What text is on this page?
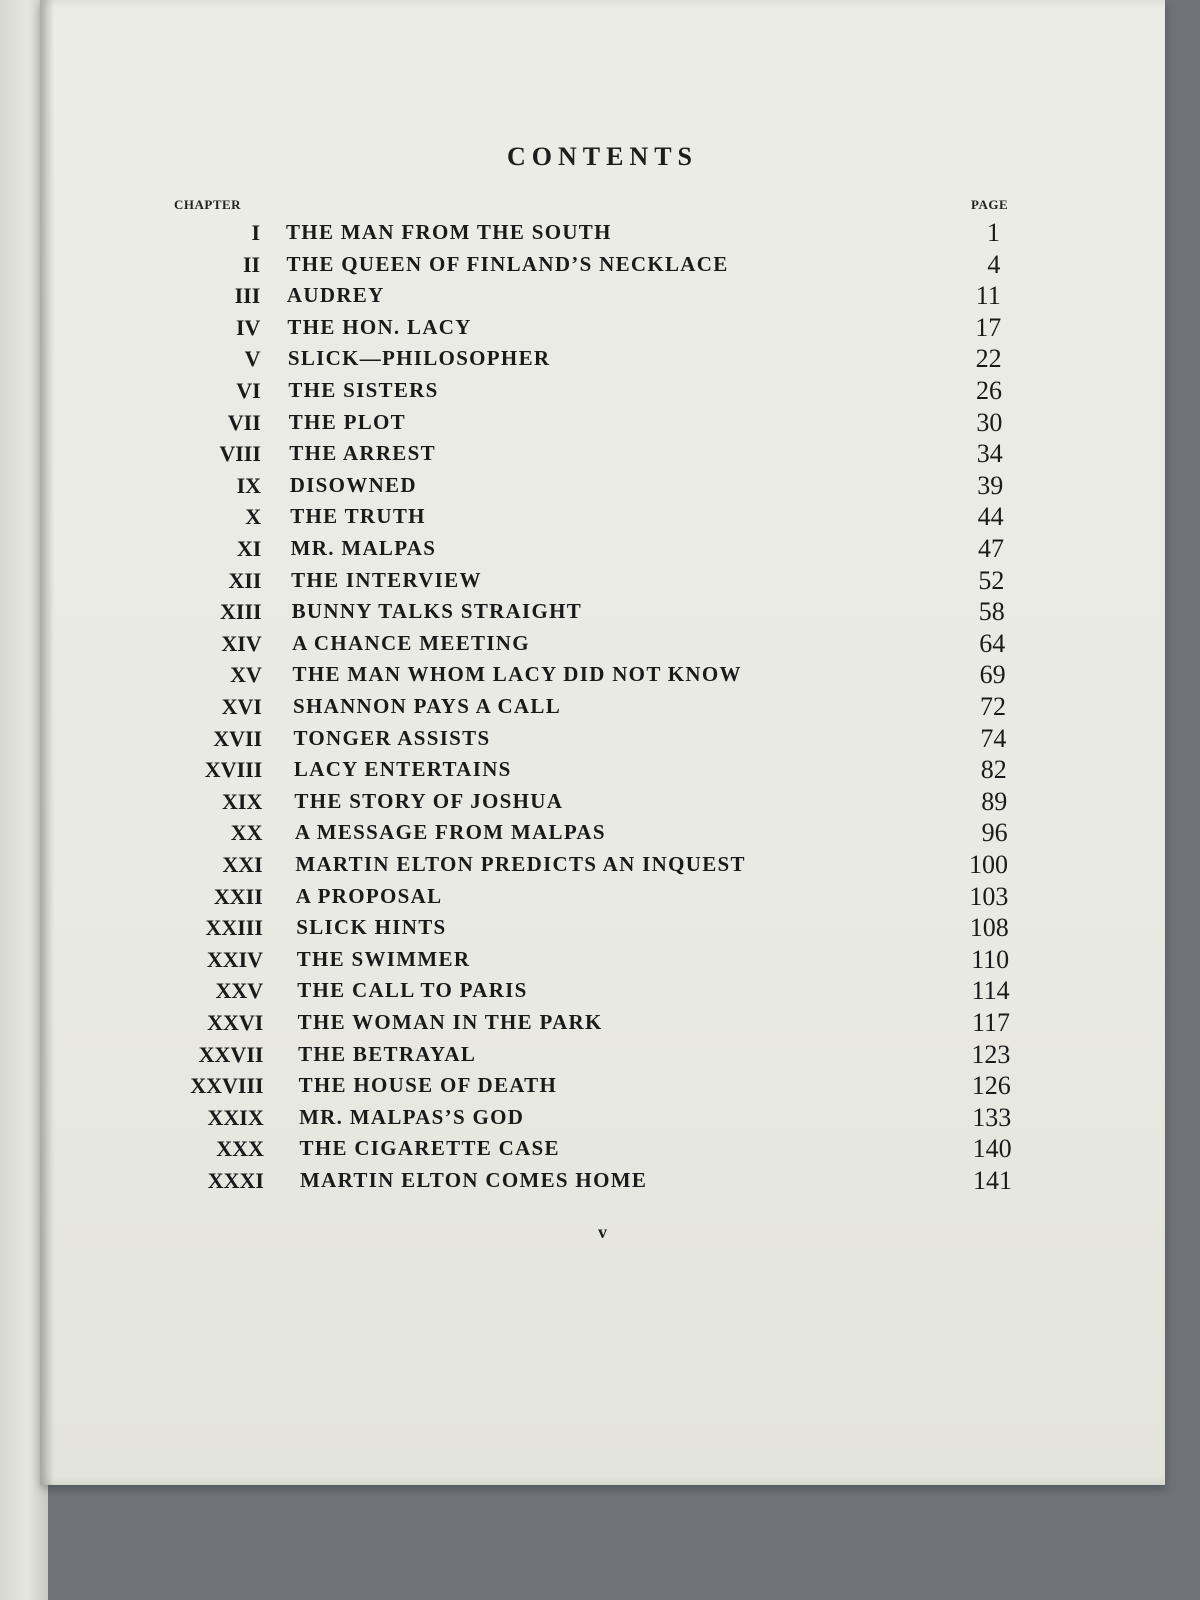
CONTENTS
CHAPTER	PAGE
I THE MAN FROM THE SOUTH	1
II THE QUEEN OF FINLAND’S NECKLACE	4
III AUDREY	11
IV THE HON. LACY	17
V SLICK—PHILOSOPHER	22
VI THE SISTERS	26
VII THE PLOT	30
VIII THE ARREST	34
IX DISOWNED	39
X THE TRUTH	44
XI MR. MALPAS	47
XII THE INTERVIEW	52
XIII BUNNY TALKS STRAIGHT	58
XIV A CHANCE MEETING	64
XV THE MAN WHOM LACY DID NOT KNOW	69
XVI SHANNON PAYS A CALL	72
XVII TONGER ASSISTS	74
XVIII LACY ENTERTAINS	82
XIX THE STORY OF JOSHUA	89
XX A MESSAGE FROM MALPAS	96
XXI MARTIN ELTON PREDICTS AN INQUEST	100
XXII A PROPOSAL	103
XXIII SLICK HINTS	108
XXIV THE SWIMMER	110
XXV THE CALL TO PARIS	114
XXVI THE WOMAN IN THE PARK	117
XXVII THE BETRAYAL	123
XXVIII THE HOUSE OF DEATH	126
XXIX MR. MALPAS’S GOD	133
XXX THE CIGARETTE CASE	140
XXXI MARTIN ELTON COMES HOME	141
v
